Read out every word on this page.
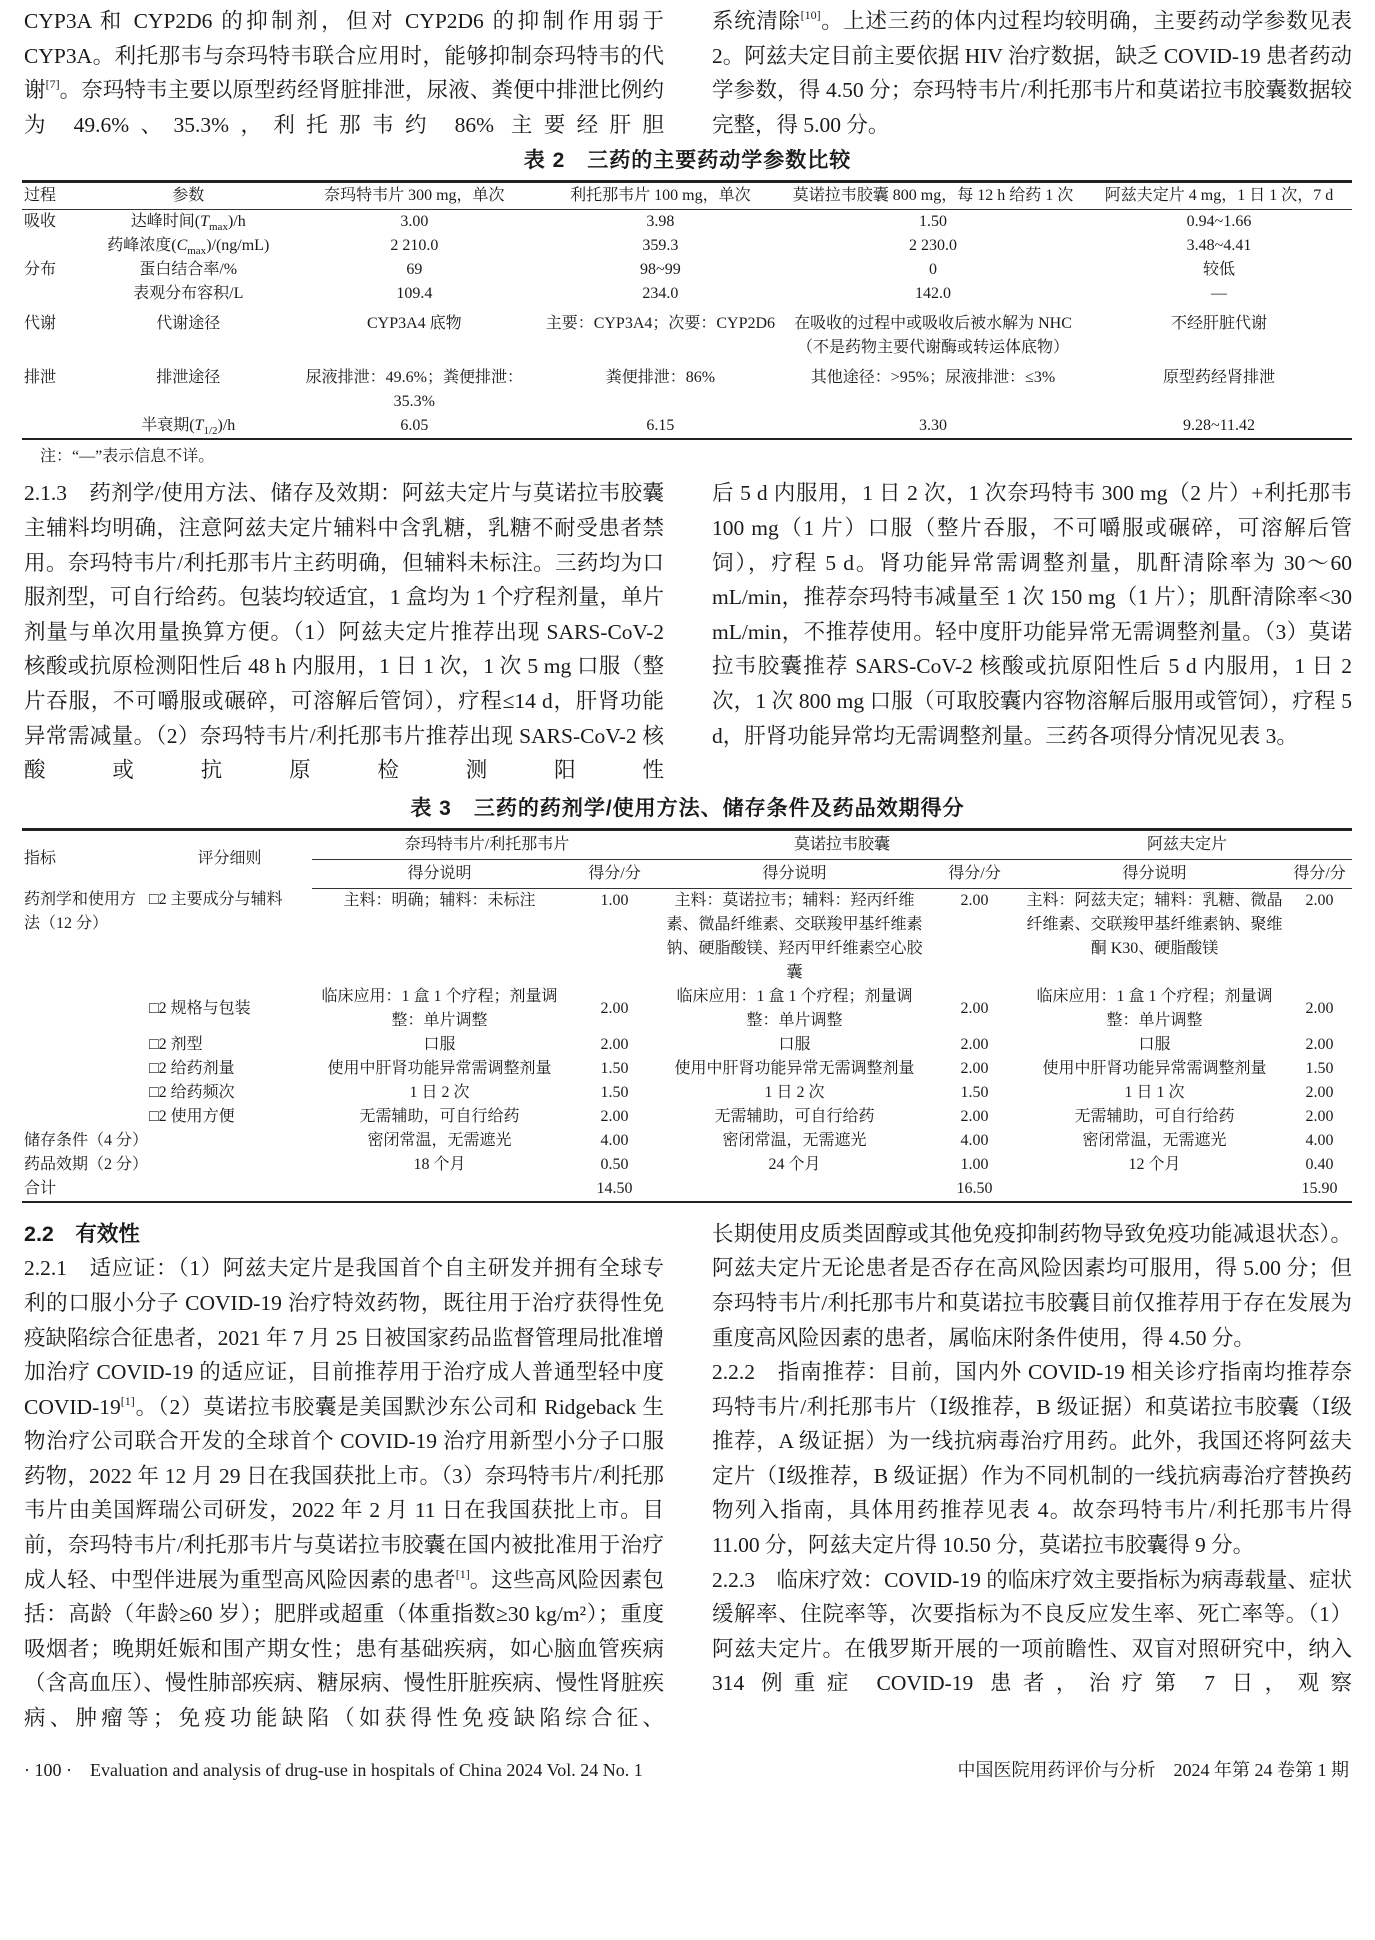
CYP3A 和 CYP2D6 的抑制剂，但对 CYP2D6 的抑制作用弱于 CYP3A。利托那韦与奈玛特韦联合应用时，能够抑制奈玛特韦的代谢[7]。奈玛特韦主要以原型药经肾脏排泄，尿液、粪便中排泄比例约为 49.6%、35.3%，利托那韦约 86% 主要经肝胆

系统清除[10]。上述三药的体内过程均较明确，主要药动学参数见表 2。阿兹夫定目前主要依据 HIV 治疗数据，缺乏 COVID-19 患者药动学参数，得 4.50 分；奈玛特韦片/利托那韦片和莫诺拉韦胶囊数据较完整，得 5.00 分。

表 2　三药的主要药动学参数比较
过程	参数	奈玛特韦片 300 mg，单次	利托那韦片 100 mg，单次	莫诺拉韦胶囊 800 mg，每 12 h 给药 1 次	阿兹夫定片 4 mg，1 日 1 次，7 d
吸收	达峰时间$(T_{max})/h$	3.00	3.98	1.50	0.94~1.66
	药峰浓度$(C_{max})/(ng/mL)$	2 210.0	359.3	2 230.0	3.48~4.41
分布	蛋白结合率/%	69	98~99	0	较低
	表观分布容积/L	109.4	234.0	142.0	—
代谢	代谢途径	CYP3A4 底物	主要：CYP3A4；次要：CYP2D6	在吸收的过程中或吸收后被水解为 NHC（不是药物主要代谢酶或转运体底物）	不经肝脏代谢
排泄	排泄途径	尿液排泄：49.6%；粪便排泄：35.3%	粪便排泄：86%	其他途径：>95%；尿液排泄：≤3%	原型药经肾排泄
	半衰期$(T_{1/2})/h$	6.05	6.15	3.30	9.28~11.42
注：“—”表示信息不详。

2.1.3　药剂学/使用方法、储存及效期：阿兹夫定片与莫诺拉韦胶囊主辅料均明确，注意阿兹夫定片辅料中含乳糖，乳糖不耐受患者禁用。奈玛特韦片/利托那韦片主药明确，但辅料未标注。三药均为口服剂型，可自行给药。包装均较适宜，1 盒均为 1 个疗程剂量，单片剂量与单次用量换算方便。（1）阿兹夫定片推荐出现 SARS-CoV-2 核酸或抗原检测阳性后 48 h 内服用，1 日 1 次，1 次 5 mg 口服（整片吞服，不可嚼服或碾碎，可溶解后管饲），疗程≤14 d，肝肾功能异常需减量。（2）奈玛特韦片/利托那韦片推荐出现 SARS-CoV-2 核酸或抗原检测阳性

后 5 d 内服用，1 日 2 次，1 次奈玛特韦 300 mg（2 片）+利托那韦 100 mg（1 片）口服（整片吞服，不可嚼服或碾碎，可溶解后管饲），疗程 5 d。肾功能异常需调整剂量，肌酐清除率为 30～60 mL/min，推荐奈玛特韦减量至 1 次 150 mg（1 片）；肌酐清除率<30 mL/min，不推荐使用。轻中度肝功能异常无需调整剂量。（3）莫诺拉韦胶囊推荐 SARS-CoV-2 核酸或抗原阳性后 5 d 内服用，1 日 2 次，1 次 800 mg 口服（可取胶囊内容物溶解后服用或管饲），疗程 5 d，肝肾功能异常均无需调整剂量。三药各项得分情况见表 3。

表 3　三药的药剂学/使用方法、储存条件及药品效期得分
指标	评分细则	奈玛特韦片/利托那韦片		莫诺拉韦胶囊		阿兹夫定片	
		得分说明	得分/分	得分说明	得分/分	得分说明	得分/分
药剂学和使用方法（12 分）	□2 主要成分与辅料	主料：明确；辅料：未标注	1.00	主料：莫诺拉韦；辅料：羟丙纤维素、微晶纤维素、交联羧甲基纤维素钠、硬脂酸镁、羟丙甲纤维素空心胶囊	2.00	主料：阿兹夫定；辅料：乳糖、微晶纤维素、交联羧甲基纤维素钠、聚维酮 K30、硬脂酸镁	2.00
	□2 规格与包装	临床应用：1 盒 1 个疗程；剂量调整：单片调整	2.00	临床应用：1 盒 1 个疗程；剂量调整：单片调整	2.00	临床应用：1 盒 1 个疗程；剂量调整：单片调整	2.00
	□2 剂型	口服	2.00	口服	2.00	口服	2.00
	□2 给药剂量	使用中肝肾功能异常需调整剂量	1.50	使用中肝肾功能异常无需调整剂量	2.00	使用中肝肾功能异常需调整剂量	1.50
	□2 给药频次	1 日 2 次	1.50	1 日 2 次	1.50	1 日 1 次	2.00
	□2 使用方便	无需辅助，可自行给药	2.00	无需辅助，可自行给药	2.00	无需辅助，可自行给药	2.00
储存条件（4 分）		密闭常温，无需遮光	4.00	密闭常温，无需遮光	4.00	密闭常温，无需遮光	4.00
药品效期（2 分）		18 个月	0.50	24 个月	1.00	12 个月	0.40
合计			14.50		16.50		15.90

2.2　有效性

2.2.1　适应证：（1）阿兹夫定片是我国首个自主研发并拥有全球专利的口服小分子 COVID-19 治疗特效药物，既往用于治疗获得性免疫缺陷综合征患者，2021 年 7 月 25 日被国家药品监督管理局批准增加治疗 COVID-19 的适应证，目前推荐用于治疗成人普通型轻中度 COVID-19[1]。（2）莫诺拉韦胶囊是美国默沙东公司和 Ridgeback 生物治疗公司联合开发的全球首个 COVID-19 治疗用新型小分子口服药物，2022 年 12 月 29 日在我国获批上市。（3）奈玛特韦片/利托那韦片由美国辉瑞公司研发，2022 年 2 月 11 日在我国获批上市。目前，奈玛特韦片/利托那韦片与莫诺拉韦胶囊在国内被批准用于治疗成人轻、中型伴进展为重型高风险因素的患者[1]。这些高风险因素包括：高龄（年龄≥60 岁）；肥胖或超重（体重指数≥30 kg/m²）；重度吸烟者；晚期妊娠和围产期女性；患有基础疾病，如心脑血管疾病（含高血压）、慢性肺部疾病、糖尿病、慢性肝脏疾病、慢性肾脏疾病、肿瘤等；免疫功能缺陷（如获得性免疫缺陷综合征、

长期使用皮质类固醇或其他免疫抑制药物导致免疫功能减退状态）。阿兹夫定片无论患者是否存在高风险因素均可服用，得 5.00 分；但奈玛特韦片/利托那韦片和莫诺拉韦胶囊目前仅推荐用于存在发展为重度高风险因素的患者，属临床附条件使用，得 4.50 分。

2.2.2　指南推荐：目前，国内外 COVID-19 相关诊疗指南均推荐奈玛特韦片/利托那韦片（Ⅰ级推荐，B 级证据）和莫诺拉韦胶囊（Ⅰ级推荐，A 级证据）为一线抗病毒治疗用药。此外，我国还将阿兹夫定片（Ⅰ级推荐，B 级证据）作为不同机制的一线抗病毒治疗替换药物列入指南，具体用药推荐见表 4。故奈玛特韦片/利托那韦片得 11.00 分，阿兹夫定片得 10.50 分，莫诺拉韦胶囊得 9 分。

2.2.3　临床疗效：COVID-19 的临床疗效主要指标为病毒载量、症状缓解率、住院率等，次要指标为不良反应发生率、死亡率等。（1）阿兹夫定片。在俄罗斯开展的一项前瞻性、双盲对照研究中，纳入 314 例重症 COVID-19 患者，治疗第 7 日，观察

· 100 ·　Evaluation and analysis of drug-use in hospitals of China 2024 Vol. 24 No. 1	中国医院用药评价与分析　2024 年第 24 卷第 1 期
